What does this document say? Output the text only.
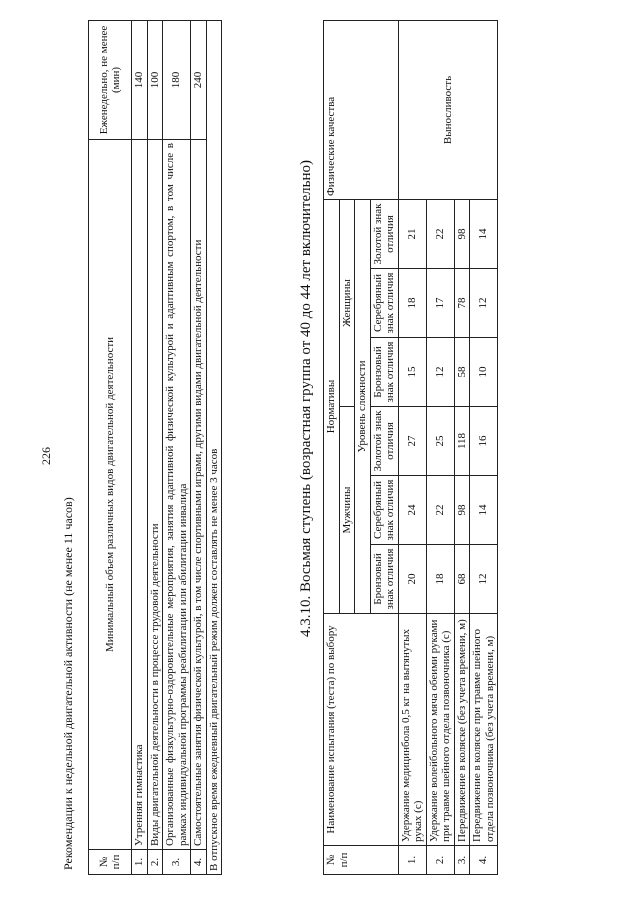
226
Рекомендации к недельной двигательной активности (не менее 11 часов) № п/п	Минимальный объем различных видов двигательной деятельности	Еженедельно, не менее (мин)
1.	Утренняя гимнастика	140
2.	Виды двигательной деятельности в процессе трудовой деятельности	100
3.	Организованные физкультурно-оздоровительные мероприятия, занятия адаптивной физической культурой и адаптивным спортом, в том числе в рамках индивидуальной программы реабилитации или абилитации инвалида	180
4.	Самостоятельные занятия физической культурой, в том числе спортивными играми, другими видами двигательной деятельности	240
В отпускное время ежедневный двигательный режим должен составлять не менее 3 часов		
4.3.10. Восьмая ступень (возрастная группа от 40 до 44 лет включительно)
№ п/п	Наименование испытания (теста) по выбору	Нормативы						Физические качества
		Мужчины			Женщины			
		Уровень сложности						
		Бронзовый знак отличия	Серебряный знак отличия	Золотой знак отличия	Бронзовый знак отличия	Серебряный знак отличия	Золотой знак отличия	
1.	Удержание медицинбола 0,5 кг на вытянутых руках (с)	20	24	27	15	18	21	Выносливость
2.	Удержание волейбольного мяча обеими руками при травме шейного отдела позвоночника (с)	18	22	25	12	17	22	
3.	Передвижение в коляске (без учета времени, м)	68	98	118	58	78	98	
4.	Передвижение в коляске при травме шейного отдела позвоночника (без учета времени, м)	12	14	16	10	12	14	
